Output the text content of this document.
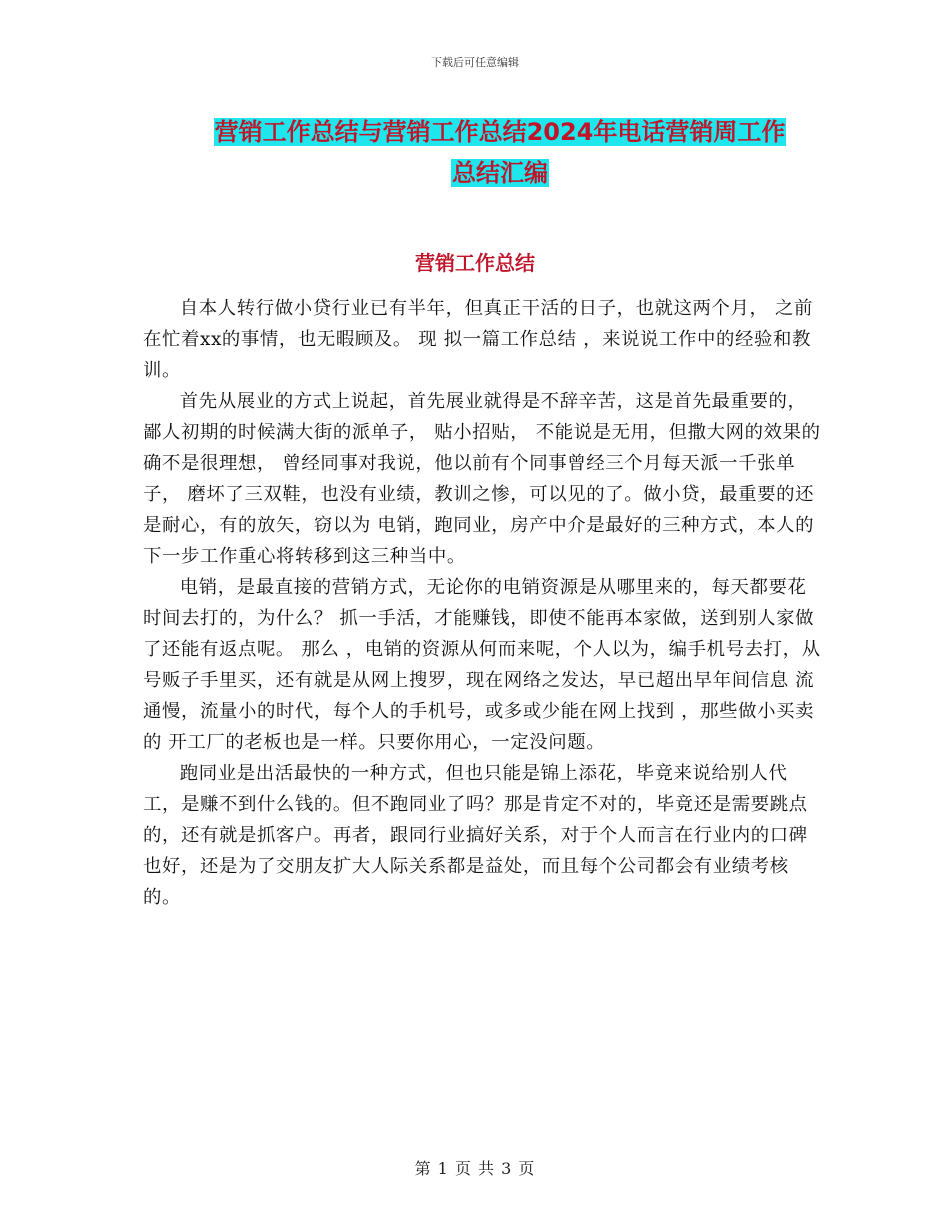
下载后可任意编辑
营销工作总结与营销工作总结2024年电话营销周工作
总结汇编
营销工作总结

自本人转行做小贷行业已有半年，但真正干活的日子，也就这两个月， 之前在忙着xx的事情，也无暇顾及。 现 拟一篇工作总结 ，来说说工作中的经验和教训。

首先从展业的方式上说起，首先展业就得是不辞辛苦，这是首先最重要的，鄙人初期的时候满大街的派单子， 贴小招贴， 不能说是无用，但撒大网的效果的确不是很理想， 曾经同事对我说，他以前有个同事曾经三个月每天派一千张单子， 磨坏了三双鞋，也没有业绩，教训之惨，可以见的了。做小贷，最重要的还是耐心，有的放矢，窃以为 电销，跑同业，房产中介是最好的三种方式，本人的下一步工作重心将转移到这三种当中。

电销，是最直接的营销方式，无论你的电销资源是从哪里来的，每天都要花时间去打的，为什么？ 抓一手活，才能赚钱，即使不能再本家做，送到别人家做了还能有返点呢。 那么 ，电销的资源从何而来呢，个人以为，编手机号去打，从号贩子手里买，还有就是从网上搜罗，现在网络之发达，早已超出早年间信息 流通慢，流量小的时代，每个人的手机号，或多或少能在网上找到 ，那些做小买卖的 开工厂的老板也是一样。只要你用心，一定没问题。

跑同业是出活最快的一种方式，但也只能是锦上添花，毕竟来说给别人代工，是赚不到什么钱的。但不跑同业了吗？那是肯定不对的，毕竟还是需要跳点的，还有就是抓客户。再者，跟同行业搞好关系，对于个人而言在行业内的口碑也好，还是为了交朋友扩大人际关系都是益处，而且每个公司都会有业绩考核的。

第 1 页 共 3 页
